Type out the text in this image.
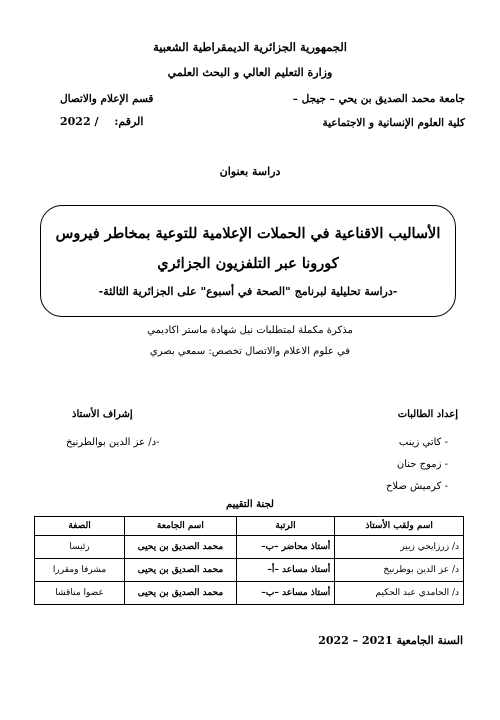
الجمهورية الجزائرية الديمقراطية الشعبية
وزارة التعليم العالي و البحث العلمي
جامعة محمد الصديق بن يحي – جيجل –
قسم الإعلام والاتصال
كلية العلوم الإنسانية و الاجتماعية
الرقم: / 2022
دراسة بعنوان
الأساليب الاقناعية في الحملات الإعلامية للتوعية بمخاطر فيروس
كورونا عبر التلفزيون الجزائري
-دراسة تحليلية لبرنامج "الصحة في أسبوع" على الجزائرية الثالثة-
مذكرة مكملة لمتطلبات نيل شهادة ماستر اكاديمي
في علوم الاعلام والاتصال تخصص: سمعي بصري
إعداد الطالبات
إشراف الأستاذ
- كاتي زينب
- زموج حنان
- كرميش صلاح
-د/ عز الدين بوالطرنيخ
لجنة التقييم
اسم ولقب الأستاذ	الرتبة	اسم الجامعة	الصفة
د/ زرزايحي زبير	أستاذ محاضر –ب–	محمد الصديق بن يحيى	رئيسا
د/ عز الدين بوطرنيخ	أستاذ مساعد –أ–	محمد الصديق بن يحيى	مشرفا ومقررا
د/ الحامدي عبد الحكيم	أستاذ مساعد –ب–	محمد الصديق بن يحيى	عضوا مناقشا
السنة الجامعية 2021 – 2022
